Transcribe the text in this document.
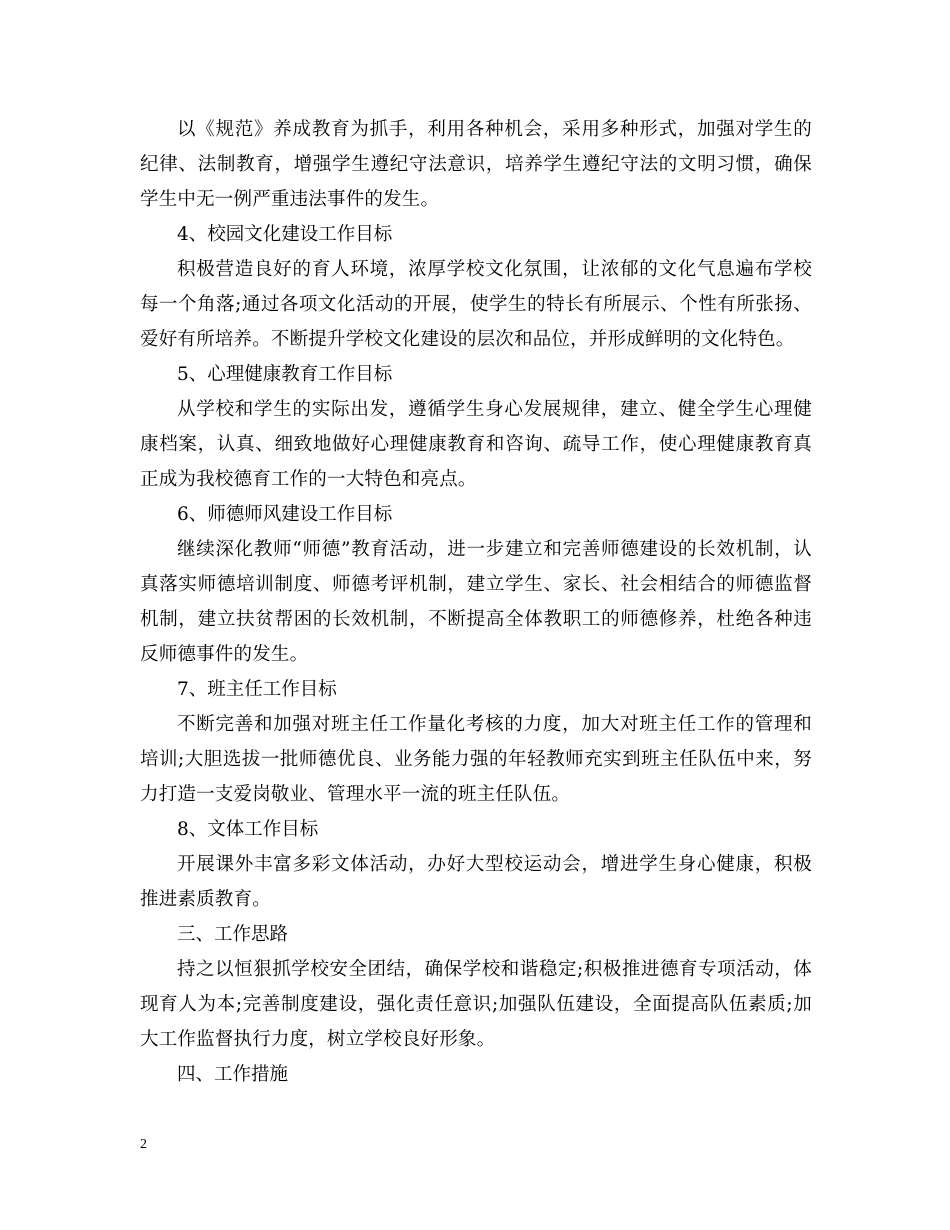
以《规范》养成教育为抓手，利用各种机会，采用多种形式，加强对学生的纪律、法制教育，增强学生遵纪守法意识，培养学生遵纪守法的文明习惯，确保学生中无一例严重违法事件的发生。

4、校园文化建设工作目标

积极营造良好的育人环境，浓厚学校文化氛围，让浓郁的文化气息遍布学校每一个角落;通过各项文化活动的开展，使学生的特长有所展示、个性有所张扬、爱好有所培养。不断提升学校文化建设的层次和品位，并形成鲜明的文化特色。

5、心理健康教育工作目标

从学校和学生的实际出发，遵循学生身心发展规律，建立、健全学生心理健康档案，认真、细致地做好心理健康教育和咨询、疏导工作，使心理健康教育真正成为我校德育工作的一大特色和亮点。

6、师德师风建设工作目标

继续深化教师“师德”教育活动，进一步建立和完善师德建设的长效机制，认真落实师德培训制度、师德考评机制，建立学生、家长、社会相结合的师德监督机制，建立扶贫帮困的长效机制，不断提高全体教职工的师德修养，杜绝各种违反师德事件的发生。

7、班主任工作目标

不断完善和加强对班主任工作量化考核的力度，加大对班主任工作的管理和培训;大胆选拔一批师德优良、业务能力强的年轻教师充实到班主任队伍中来，努力打造一支爱岗敬业、管理水平一流的班主任队伍。

8、文体工作目标

开展课外丰富多彩文体活动，办好大型校运动会，增进学生身心健康，积极推进素质教育。

三、工作思路

持之以恒狠抓学校安全团结，确保学校和谐稳定;积极推进德育专项活动，体现育人为本;完善制度建设，强化责任意识;加强队伍建设，全面提高队伍素质;加大工作监督执行力度，树立学校良好形象。

四、工作措施

2
